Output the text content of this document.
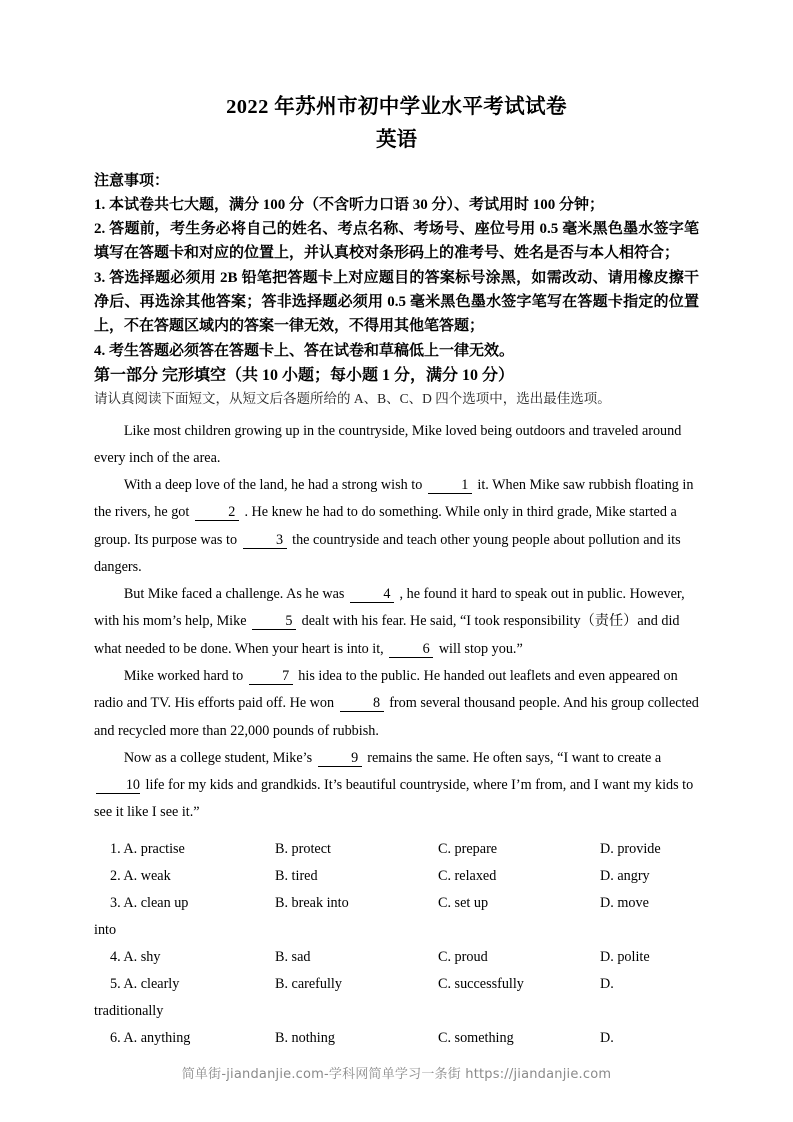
2022 年苏州市初中学业水平考试试卷
英语
注意事项：
1. 本试卷共七大题，满分 100 分（不含听力口语 30 分）、考试用时 100 分钟；
2. 答题前，考生务必将自己的姓名、考点名称、考场号、座位号用 0.5 毫米黑色墨水签字笔填写在答题卡和对应的位置上，并认真校对条形码上的准考号、姓名是否与本人相符合；
3. 答选择题必须用 2B 铅笔把答题卡上对应题目的答案标号涂黑，如需改动、请用橡皮擦干净后、再选涂其他答案；答非选择题必须用 0.5 毫米黑色墨水签字笔写在答题卡指定的位置上，不在答题区域内的答案一律无效，不得用其他笔答题；
4. 考生答题必须答在答题卡上、答在试卷和草稿低上一律无效。
第一部分 完形填空（共 10 小题；每小题 1 分，满分 10 分）
请认真阅读下面短文，从短文后各题所给的 A、B、C、D 四个选项中，选出最佳选项。

Like most children growing up in the countryside, Mike loved being outdoors and traveled around every inch of the area.

With a deep love of the land, he had a strong wish to	1 it. When Mike saw rubbish floating in the rivers, he got	2 . He knew he had to do something. While only in third grade, Mike started a group. Its purpose was to	3 the countryside and teach other young people about pollution and its dangers.

But Mike faced a challenge. As he was	4 , he found it hard to speak out in public. However, with his mom’s help, Mike	5 dealt with his fear. He said, “I took responsibility（责任）and did what needed to be done. When your heart is into it,	6 will stop you.”

Mike worked hard to	7 his idea to the public. He handed out leaflets and even appeared on radio and TV. His efforts paid off. He won	8 from several thousand people. And his group collected and recycled more than 22,000 pounds of rubbish.

Now as a college student, Mike’s	9 remains the same. He often says, “I want to create a 10 life for my kids and grandkids. It’s beautiful countryside, where I’m from, and I want my kids to see it like I see it.”

1. A. practise	B. protect	C. prepare	D. provide
2. A. weak	B. tired	C. relaxed	D. angry
3. A. clean up	B. break into	C. set up	D. move
into
4. A. shy	B. sad	C. proud	D. polite
5. A. clearly	B. carefully	C. successfully	D.
traditionally
6. A. anything	B. nothing	C. something	D.
简单街-jiandanjie.com-学科网简单学习一条街 https://jiandanjie.com
